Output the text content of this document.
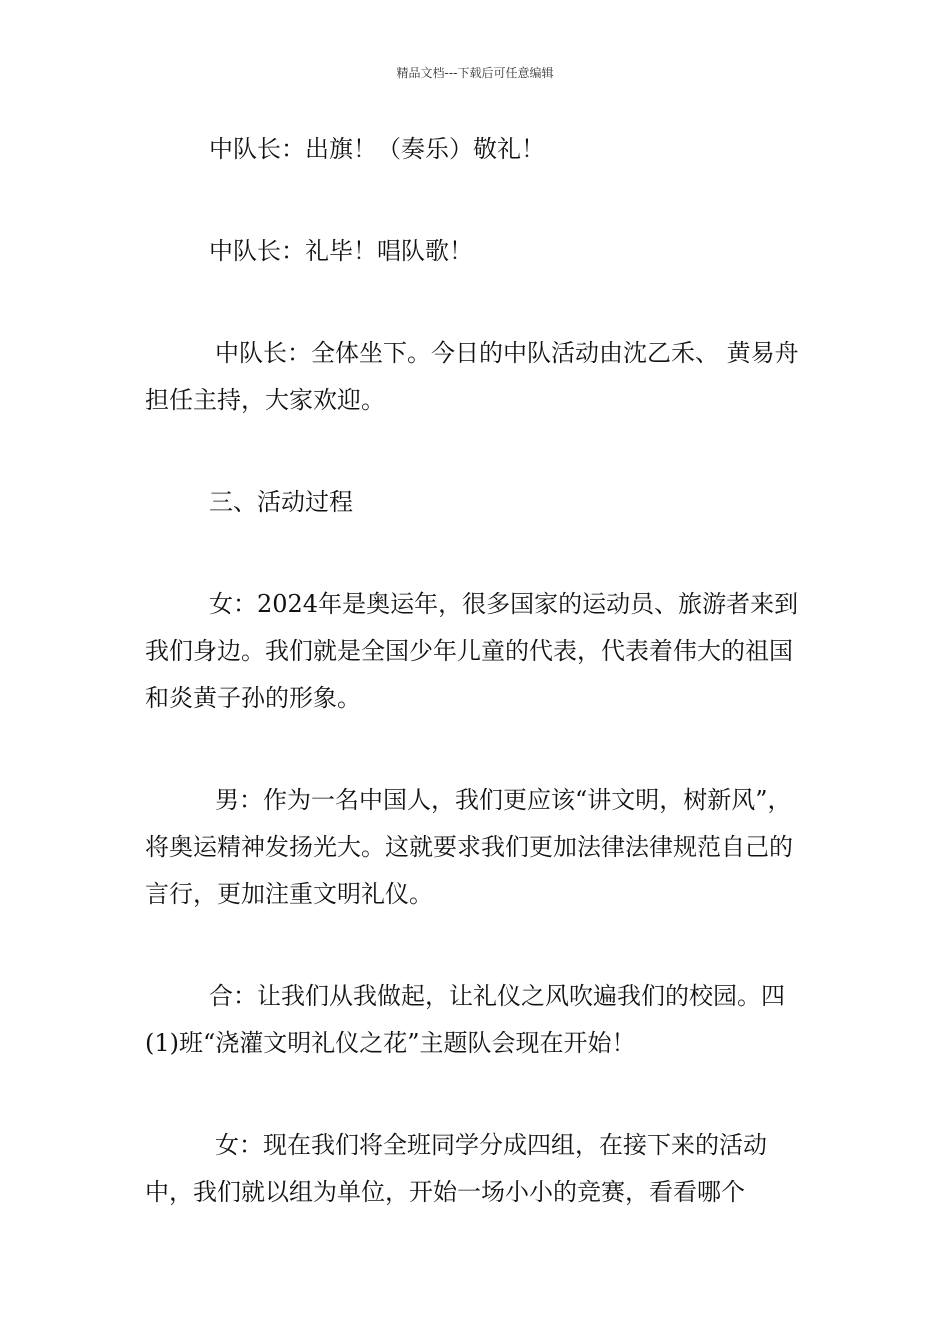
精品文档---下载后可任意编辑

中队长：出旗！（奏乐）敬礼！

中队长：礼毕！唱队歌！

中队长：全体坐下。今日的中队活动由沈乙禾、 黄易舟担任主持，大家欢迎。

三、活动过程

女：2024年是奥运年，很多国家的运动员、旅游者来到我们身边。我们就是全国少年儿童的代表，代表着伟大的祖国和炎黄子孙的形象。

男：作为一名中国人，我们更应该“讲文明，树新风”，将奥运精神发扬光大。这就要求我们更加法律法律规范自己的言行，更加注重文明礼仪。

合：让我们从我做起，让礼仪之风吹遍我们的校园。四(1)班“浇灌文明礼仪之花”主题队会现在开始！

女：现在我们将全班同学分成四组，在接下来的活动中，我们就以组为单位，开始一场小小的竞赛，看看哪个
